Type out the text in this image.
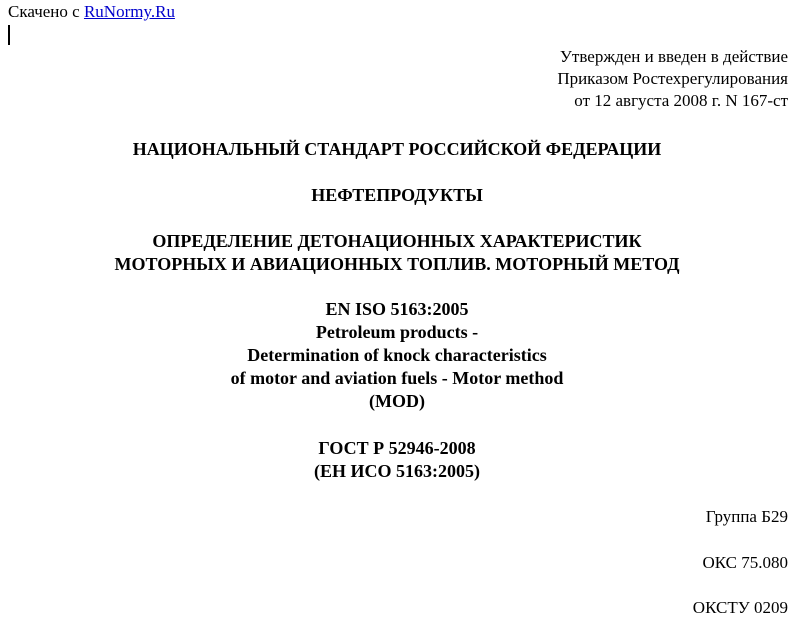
Скачено с RuNormy.Ru
Утвержден и введен в действие
Приказом Ростехрегулирования
от 12 августа 2008 г. N 167-ст
НАЦИОНАЛЬНЫЙ СТАНДАРТ РОССИЙСКОЙ ФЕДЕРАЦИИ
НЕФТЕПРОДУКТЫ
ОПРЕДЕЛЕНИЕ ДЕТОНАЦИОННЫХ ХАРАКТЕРИСТИК
МОТОРНЫХ И АВИАЦИОННЫХ ТОПЛИВ. МОТОРНЫЙ МЕТОД
EN ISO 5163:2005
Petroleum products -
Determination of knock characteristics
of motor and aviation fuels - Motor method
(MOD)
ГОСТ Р 52946-2008
(ЕН ИСО 5163:2005)
Группа Б29
ОКС 75.080
ОКСТУ 0209
